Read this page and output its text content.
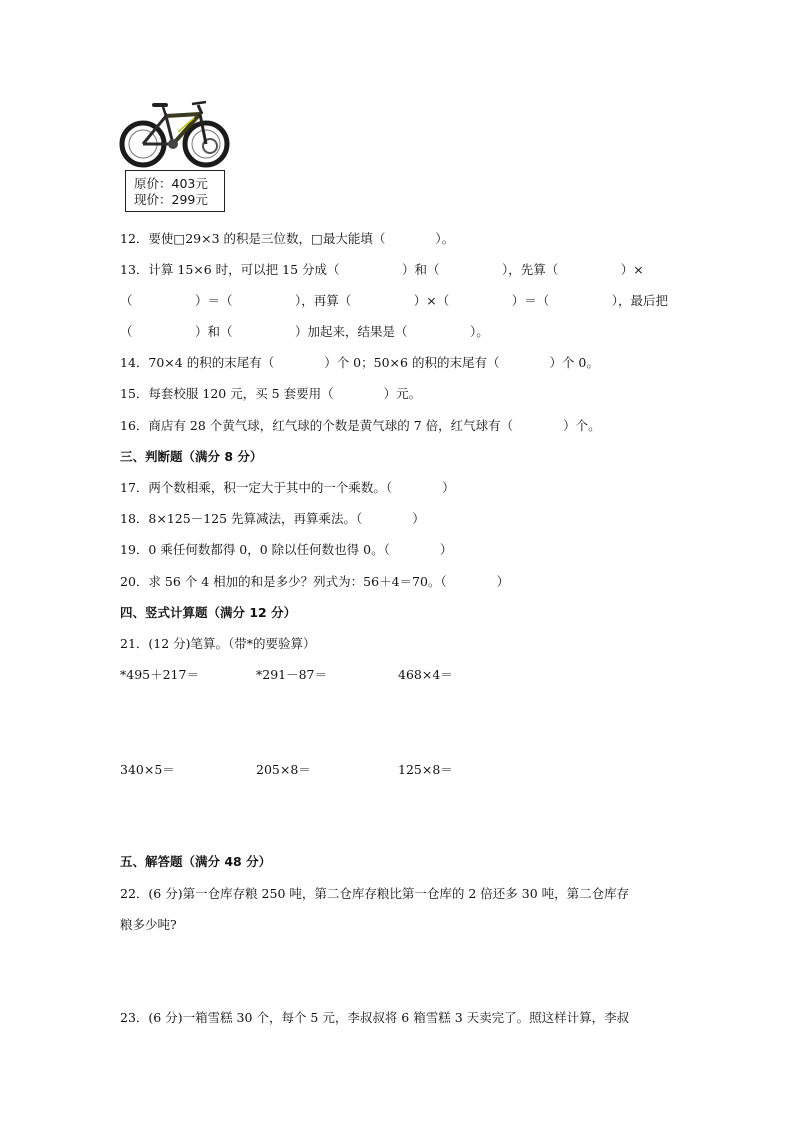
原价：403元
现价：299元
12．要使□29×3 的积是三位数，□最大能填（　　　　）。
13．计算 15×6 时，可以把 15 分成（　　　　　）和（　　　　　），先算（　　　　　）×
（　　　　　）＝（　　　　　），再算（　　　　　）×（　　　　　）＝（　　　　　），最后把
（　　　　　）和（　　　　　）加起来，结果是（　　　　　）。
14．70×4 的积的末尾有（　　　　）个 0；50×6 的积的末尾有（　　　　）个 0。
15．每套校服 120 元，买 5 套要用（　　　　）元。
16．商店有 28 个黄气球，红气球的个数是黄气球的 7 倍，红气球有（　　　　）个。
三、判断题（满分 8 分）
17．两个数相乘，积一定大于其中的一个乘数。（　　　　）
18．8×125－125 先算减法，再算乘法。（　　　　）
19．0 乘任何数都得 0，0 除以任何数也得 0。（　　　　）
20．求 56 个 4 相加的和是多少？列式为：56＋4＝70。（　　　　）
四、竖式计算题（满分 12 分）
21．(12 分)笔算。（带*的要验算）
*495＋217＝	*291－87＝	468×4＝
340×5＝	205×8＝	125×8＝
五、解答题（满分 48 分）
22．(6 分)第一仓库存粮 250 吨，第二仓库存粮比第一仓库的 2 倍还多 30 吨，第二仓库存
粮多少吨?
23．(6 分)一箱雪糕 30 个，每个 5 元，李叔叔将 6 箱雪糕 3 天卖完了。照这样计算，李叔
